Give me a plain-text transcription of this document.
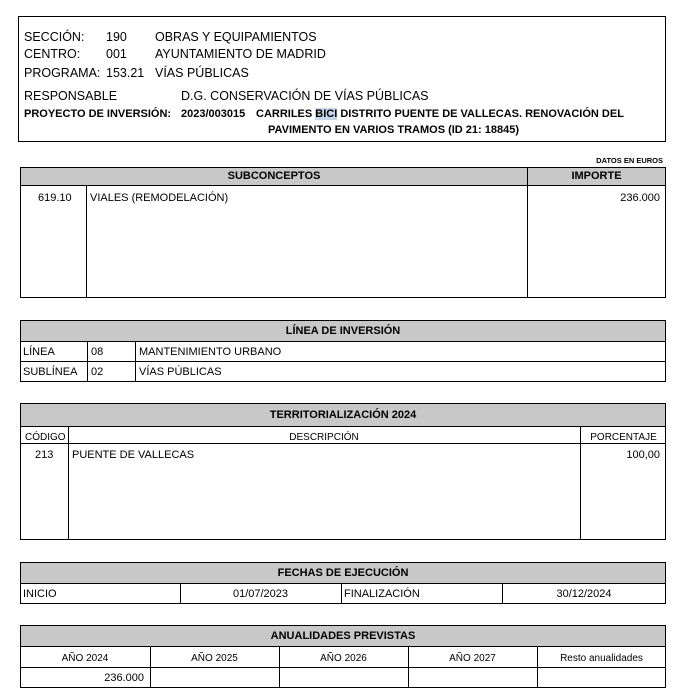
SECCIÓN: 190 OBRAS Y EQUIPAMIENTOS
CENTRO: 001 AYUNTAMIENTO DE MADRID
PROGRAMA: 153.21 VÍAS PÚBLICAS
RESPONSABLE	D.G. CONSERVACIÓN DE VÍAS PÚBLICAS
PROYECTO DE INVERSIÓN: 2023/003015 CARRILES BICI DISTRITO PUENTE DE VALLECAS. RENOVACIÓN DEL
PAVIMENTO EN VARIOS TRAMOS (ID 21: 18845)
DATOS EN EUROS
SUBCONCEPTOS	IMPORTE
619.10 VIALES (REMODELACIÓN)	236.000
LÍNEA DE INVERSIÓN
LÍNEA	08	MANTENIMIENTO URBANO
SUBLÍNEA 02	VÍAS PÚBLICAS
TERRITORIALIZACIÓN 2024
CÓDIGO	DESCRIPCIÓN	PORCENTAJE
213 PUENTE DE VALLECAS	100,00
FECHAS DE EJECUCIÓN
INICIO	01/07/2023	FINALIZACIÓN	30/12/2024
ANUALIDADES PREVISTAS
AÑO 2024	AÑO 2025	AÑO 2026	AÑO 2027	Resto anualidades
236.000
